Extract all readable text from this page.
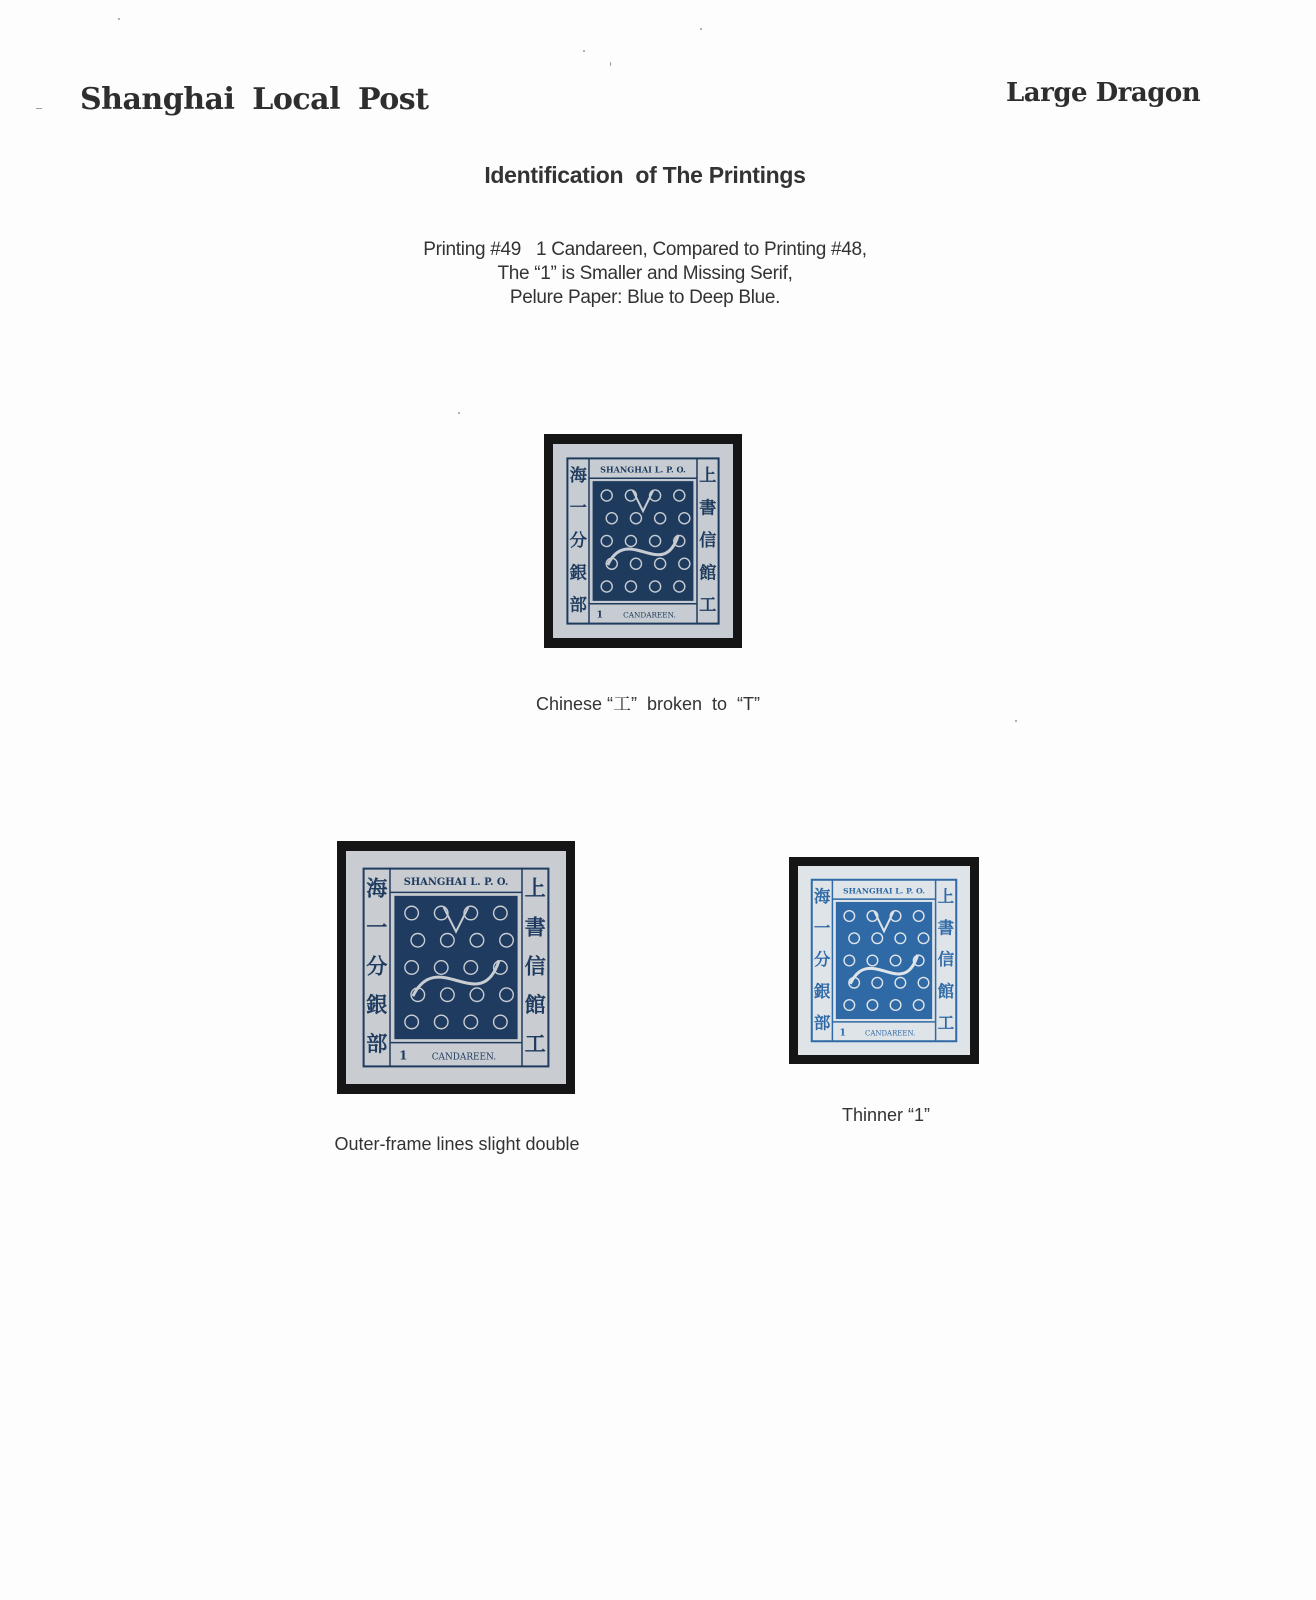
Shanghai Local Post	Large Dragon
Identification  of The Printings
Printing #49   1 Candareen, Compared to Printing #48,
The “1” is Smaller and Missing Serif,
Pelure Paper: Blue to Deep Blue.
SHANGHAI L. P. O.
CANDAREEN.
1
海
一
分
銀
部
上
書
信
館
工
Chinese “工”  broken  to  “T”
SHANGHAI L. P. O.
CANDAREEN.
1
海
一
分
銀
部
上
書
信
館
工
Outer-frame lines slight double
SHANGHAI L. P. O.
CANDAREEN.
1
海
一
分
銀
部
上
書
信
館
工
Thinner “1”
